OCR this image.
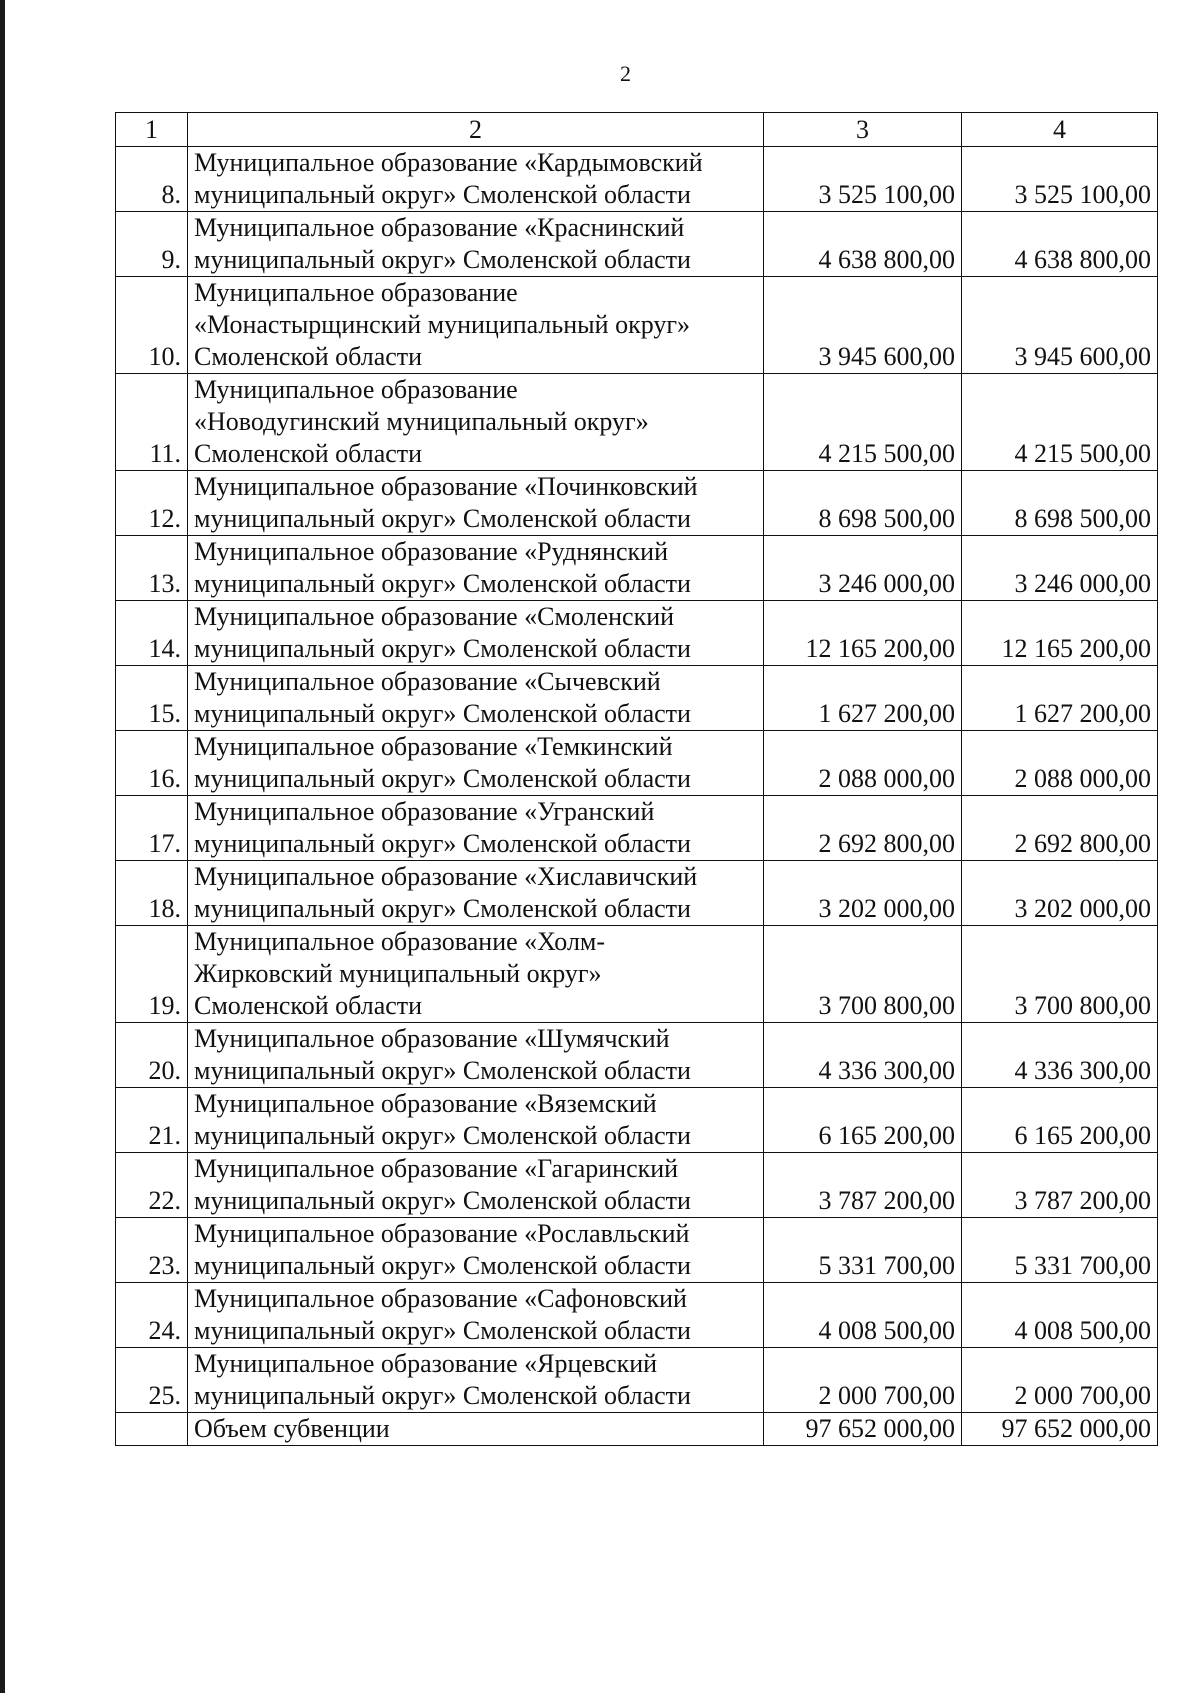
2
1	2	3	4
8.	Муниципальное образование «Кардымовский
муниципальный округ» Смоленской области	3 525 100,00	3 525 100,00
9.	Муниципальное образование «Краснинский
муниципальный округ» Смоленской области	4 638 800,00	4 638 800,00
10.	Муниципальное образование
«Монастырщинский муниципальный округ»
Смоленской области	3 945 600,00	3 945 600,00
11.	Муниципальное образование
«Новодугинский муниципальный округ»
Смоленской области	4 215 500,00	4 215 500,00
12.	Муниципальное образование «Починковский
муниципальный округ» Смоленской области	8 698 500,00	8 698 500,00
13.	Муниципальное образование «Руднянский
муниципальный округ» Смоленской области	3 246 000,00	3 246 000,00
14.	Муниципальное образование «Смоленский
муниципальный округ» Смоленской области	12 165 200,00	12 165 200,00
15.	Муниципальное образование «Сычевский
муниципальный округ» Смоленской области	1 627 200,00	1 627 200,00
16.	Муниципальное образование «Темкинский
муниципальный округ» Смоленской области	2 088 000,00	2 088 000,00
17.	Муниципальное образование «Угранский
муниципальный округ» Смоленской области	2 692 800,00	2 692 800,00
18.	Муниципальное образование «Хиславичский
муниципальный округ» Смоленской области	3 202 000,00	3 202 000,00
19.	Муниципальное образование «Холм-
Жирковский муниципальный округ»
Смоленской области	3 700 800,00	3 700 800,00
20.	Муниципальное образование «Шумячский
муниципальный округ» Смоленской области	4 336 300,00	4 336 300,00
21.	Муниципальное образование «Вяземский
муниципальный округ» Смоленской области	6 165 200,00	6 165 200,00
22.	Муниципальное образование «Гагаринский
муниципальный округ» Смоленской области	3 787 200,00	3 787 200,00
23.	Муниципальное образование «Рославльский
муниципальный округ» Смоленской области	5 331 700,00	5 331 700,00
24.	Муниципальное образование «Сафоновский
муниципальный округ» Смоленской области	4 008 500,00	4 008 500,00
25.	Муниципальное образование «Ярцевский
муниципальный округ» Смоленской области	2 000 700,00	2 000 700,00
	Объем субвенции	97 652 000,00	97 652 000,00
